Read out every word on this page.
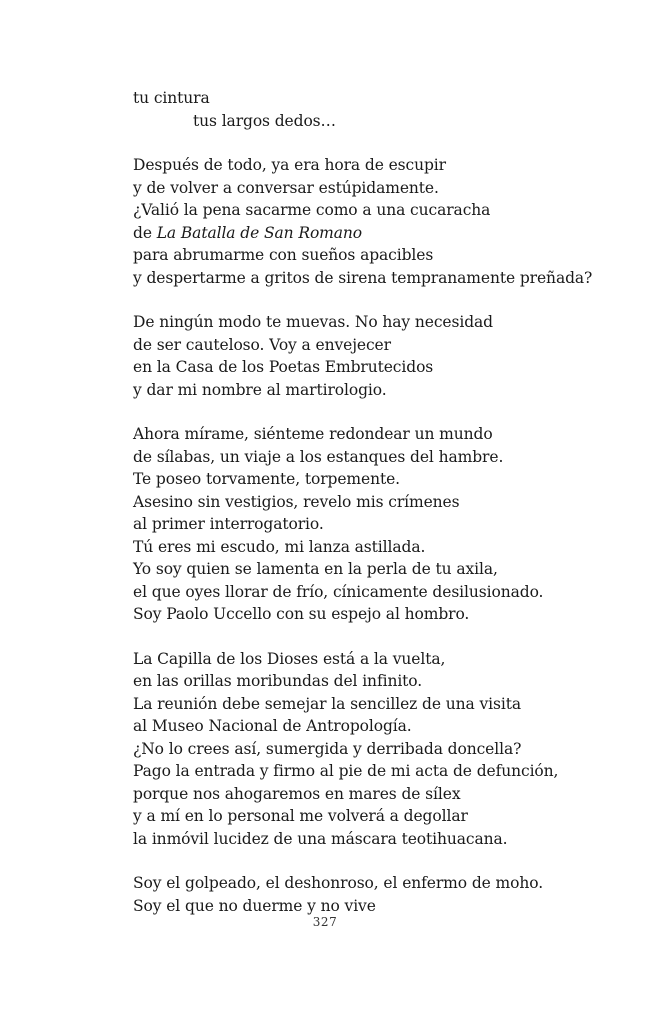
tu cintura
tus largos dedos…
Después de todo, ya era hora de escupir
y de volver a conversar estúpidamente.
¿Valió la pena sacarme como a una cucaracha
de La Batalla de San Romano
para abrumarme con sueños apacibles
y despertarme a gritos de sirena tempranamente preñada?
De ningún modo te muevas. No hay necesidad
de ser cauteloso. Voy a envejecer
en la Casa de los Poetas Embrutecidos
y dar mi nombre al martirologio.
Ahora mírame, siénteme redondear un mundo
de sílabas, un viaje a los estanques del hambre.
Te poseo torvamente, torpemente.
Asesino sin vestigios, revelo mis crímenes
al primer interrogatorio.
Tú eres mi escudo, mi lanza astillada.
Yo soy quien se lamenta en la perla de tu axila,
el que oyes llorar de frío, cínicamente desilusionado.
Soy Paolo Uccello con su espejo al hombro.
La Capilla de los Dioses está a la vuelta,
en las orillas moribundas del infinito.
La reunión debe semejar la sencillez de una visita
al Museo Nacional de Antropología.
¿No lo crees así, sumergida y derribada doncella?
Pago la entrada y firmo al pie de mi acta de defunción,
porque nos ahogaremos en mares de sílex
y a mí en lo personal me volverá a degollar
la inmóvil lucidez de una máscara teotihuacana.
Soy el golpeado, el deshonroso, el enfermo de moho.
Soy el que no duerme y no vive
327
